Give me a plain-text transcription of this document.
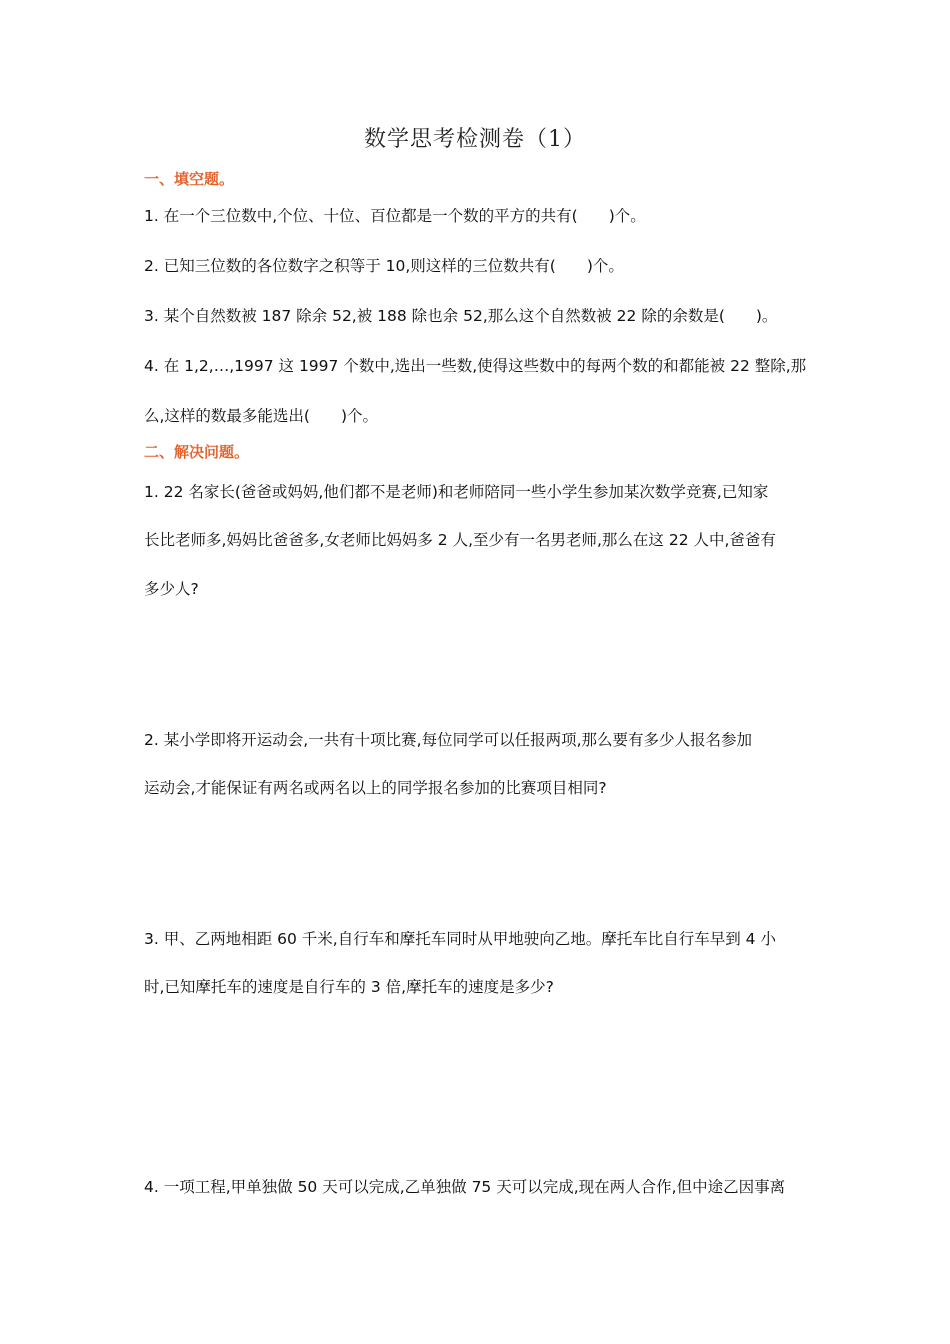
数学思考检测卷（1）
一、填空题。
1. 在一个三位数中,个位、十位、百位都是一个数的平方的共有(　　)个。
2. 已知三位数的各位数字之积等于 10,则这样的三位数共有(　　)个。
3. 某个自然数被 187 除余 52,被 188 除也余 52,那么这个自然数被 22 除的余数是(　　)。
4. 在 1,2,…,1997 这 1997 个数中,选出一些数,使得这些数中的每两个数的和都能被 22 整除,那
么,这样的数最多能选出(　　)个。
二、解决问题。
1. 22 名家长(爸爸或妈妈,他们都不是老师)和老师陪同一些小学生参加某次数学竞赛,已知家
长比老师多,妈妈比爸爸多,女老师比妈妈多 2 人,至少有一名男老师,那么在这 22 人中,爸爸有
多少人?
2. 某小学即将开运动会,一共有十项比赛,每位同学可以任报两项,那么要有多少人报名参加
运动会,才能保证有两名或两名以上的同学报名参加的比赛项目相同?
3. 甲、乙两地相距 60 千米,自行车和摩托车同时从甲地驶向乙地。摩托车比自行车早到 4 小
时,已知摩托车的速度是自行车的 3 倍,摩托车的速度是多少?
4. 一项工程,甲单独做 50 天可以完成,乙单独做 75 天可以完成,现在两人合作,但中途乙因事离
